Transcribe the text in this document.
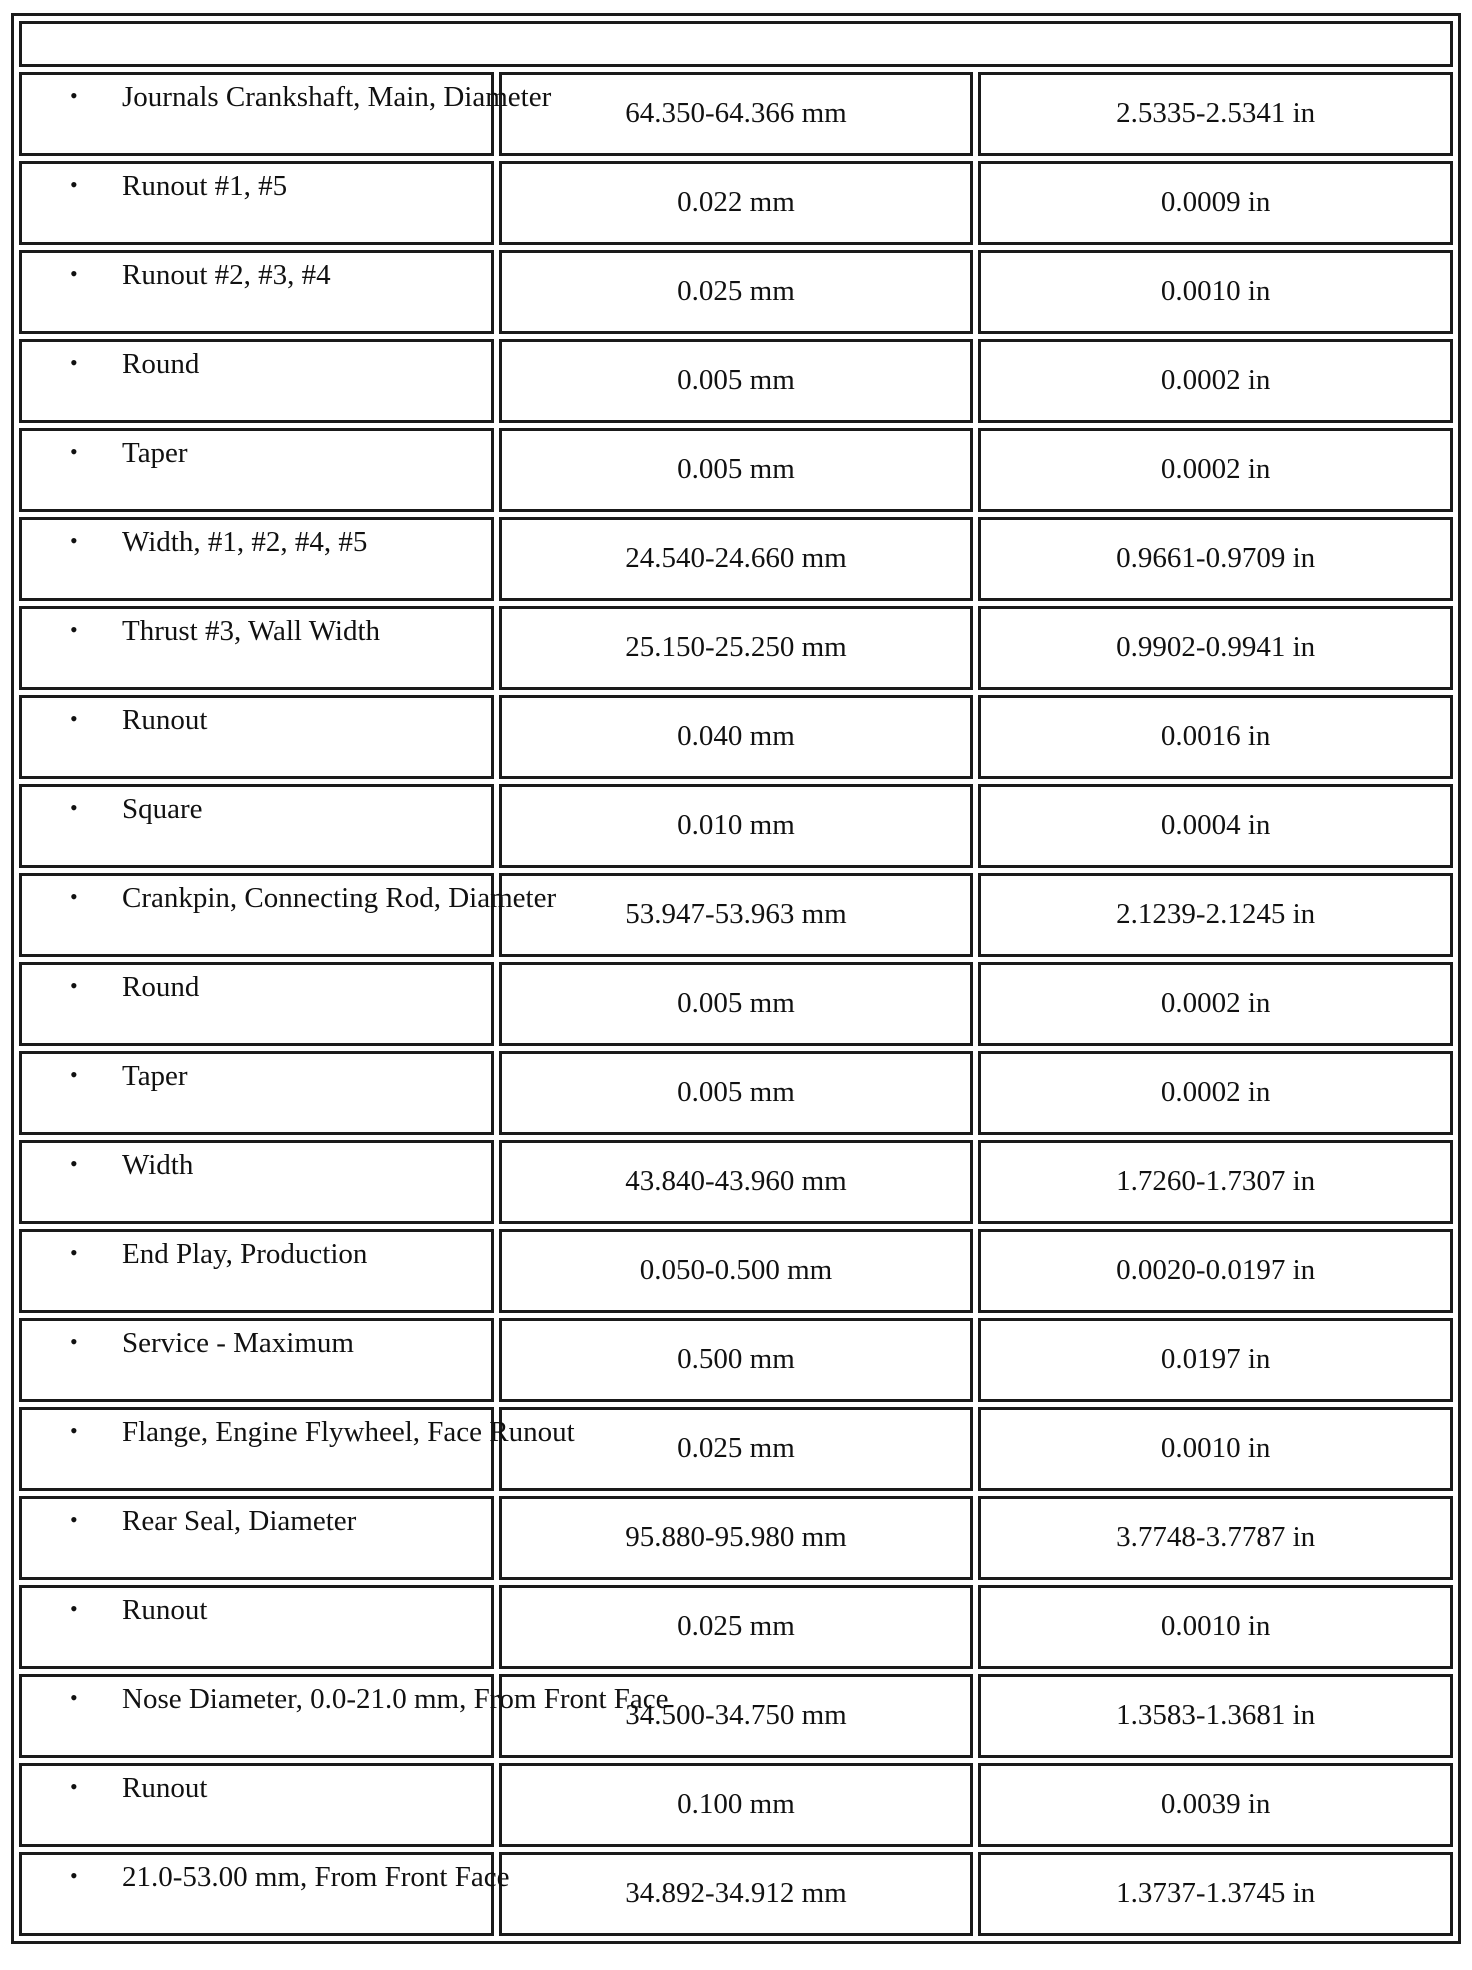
• Journals Crankshaft, Main, Diameter	64.350-64.366 mm	2.5335-2.5341 in

• Runout #1, #5	0.022 mm	0.0009 in

• Runout #2, #3, #4	0.025 mm	0.0010 in

• Round	0.005 mm	0.0002 in

• Taper	0.005 mm	0.0002 in

• Width, #1, #2, #4, #5	24.540-24.660 mm	0.9661-0.9709 in

• Thrust #3, Wall Width	25.150-25.250 mm	0.9902-0.9941 in

• Runout	0.040 mm	0.0016 in

• Square	0.010 mm	0.0004 in

• Crankpin, Connecting Rod, Diameter	53.947-53.963 mm	2.1239-2.1245 in

• Round	0.005 mm	0.0002 in

• Taper	0.005 mm	0.0002 in

• Width	43.840-43.960 mm	1.7260-1.7307 in

• End Play, Production	0.050-0.500 mm	0.0020-0.0197 in

• Service - Maximum	0.500 mm	0.0197 in

• Flange, Engine Flywheel, Face Runout	0.025 mm	0.0010 in

• Rear Seal, Diameter	95.880-95.980 mm	3.7748-3.7787 in

• Runout	0.025 mm	0.0010 in

• Nose Diameter, 0.0-21.0 mm, From Front Face	34.500-34.750 mm	1.3583-1.3681 in

• Runout	0.100 mm	0.0039 in

• 21.0-53.00 mm, From Front Face	34.892-34.912 mm	1.3737-1.3745 in
